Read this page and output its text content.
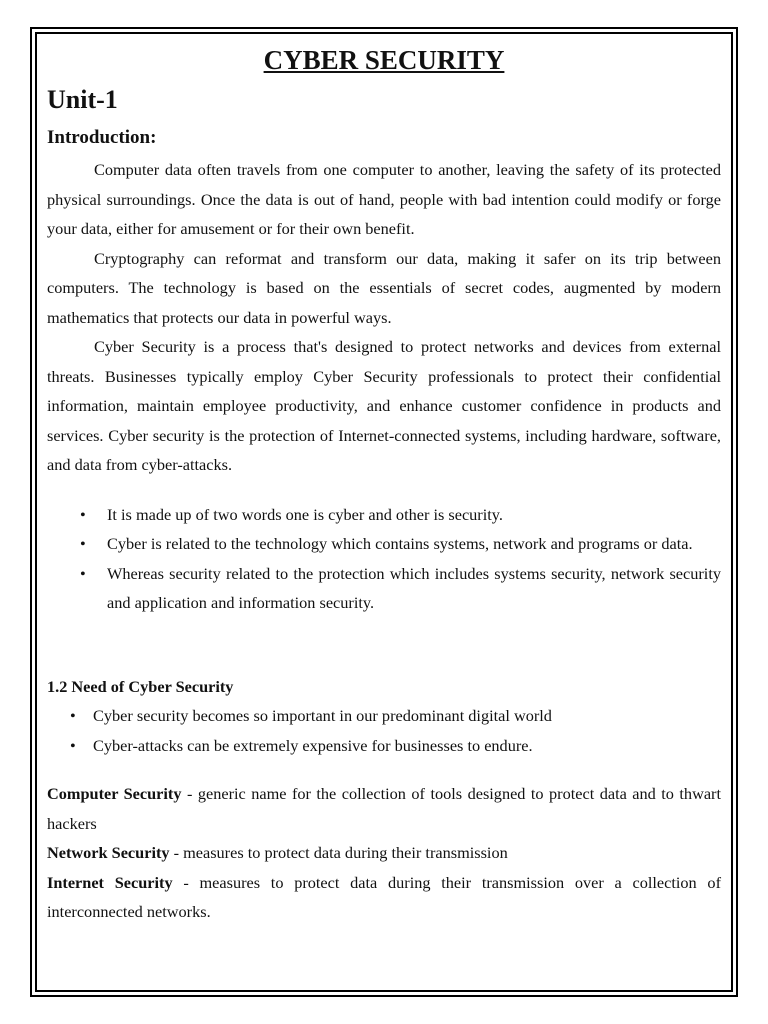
CYBER SECURITY
Unit-1
Introduction:

Computer data often travels from one computer to another, leaving the safety of its protected physical surroundings. Once the data is out of hand, people with bad intention could modify or forge your data, either for amusement or for their own benefit.

Cryptography can reformat and transform our data, making it safer on its trip between computers. The technology is based on the essentials of secret codes, augmented by modern mathematics that protects our data in powerful ways.

Cyber Security is a process that's designed to protect networks and devices from external threats. Businesses typically employ Cyber Security professionals to protect their confidential information, maintain employee productivity, and enhance customer confidence in products and services. Cyber security is the protection of Internet-connected systems, including hardware, software, and data from cyber-attacks.

• It is made up of two words one is cyber and other is security.
• Cyber is related to the technology which contains systems, network and programs or data.
• Whereas security related to the protection which includes systems security, network security and application and information security.
1.2 Need of Cyber Security
• Cyber security becomes so important in our predominant digital world
• Cyber-attacks can be extremely expensive for businesses to endure.

Computer Security - generic name for the collection of tools designed to protect data and to thwart hackers

Network Security - measures to protect data during their transmission

Internet Security - measures to protect data during their transmission over a collection of interconnected networks.
